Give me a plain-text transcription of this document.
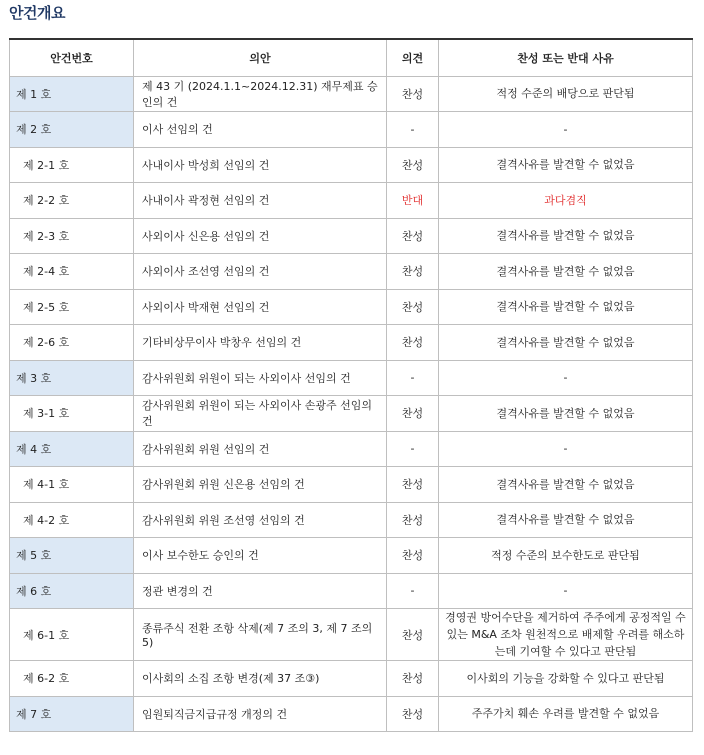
안건개요
안건번호	의안	의견	찬성 또는 반대 사유
제 1 호	제 43 기 (2024.1.1~2024.12.31) 재무제표 승인의 건	찬성	적정 수준의 배당으로 판단됨
제 2 호	이사 선임의 건	-	-
제 2-1 호	사내이사 박성희 선임의 건	찬성	결격사유를 발견할 수 없었음
제 2-2 호	사내이사 곽정현 선임의 건	반대	과다겸직
제 2-3 호	사외이사 신은용 선임의 건	찬성	결격사유를 발견할 수 없었음
제 2-4 호	사외이사 조선영 선임의 건	찬성	결격사유를 발견할 수 없었음
제 2-5 호	사외이사 박재현 선임의 건	찬성	결격사유를 발견할 수 없었음
제 2-6 호	기타비상무이사 박창우 선임의 건	찬성	결격사유를 발견할 수 없었음
제 3 호	감사위원회 위원이 되는 사외이사 선임의 건	-	-
제 3-1 호	감사위원회 위원이 되는 사외이사 손광주 선임의 건	찬성	결격사유를 발견할 수 없었음
제 4 호	감사위원회 위원 선임의 건	-	-
제 4-1 호	감사위원회 위원 신은용 선임의 건	찬성	결격사유를 발견할 수 없었음
제 4-2 호	감사위원회 위원 조선영 선임의 건	찬성	결격사유를 발견할 수 없었음
제 5 호	이사 보수한도 승인의 건	찬성	적정 수준의 보수한도로 판단됨
제 6 호	정관 변경의 건	-	-
제 6-1 호	종류주식 전환 조항 삭제(제 7 조의 3, 제 7 조의 5)	찬성	경영권 방어수단을 제거하여 주주에게 공정적일 수 있는 M&A 조차 원천적으로 배제할 우려를 해소하는데 기여할 수 있다고 판단됨
제 6-2 호	이사회의 소집 조항 변경(제 37 조③)	찬성	이사회의 기능을 강화할 수 있다고 판단됨
제 7 호	임원퇴직금지급규정 개정의 건	찬성	주주가치 훼손 우려를 발견할 수 없었음
